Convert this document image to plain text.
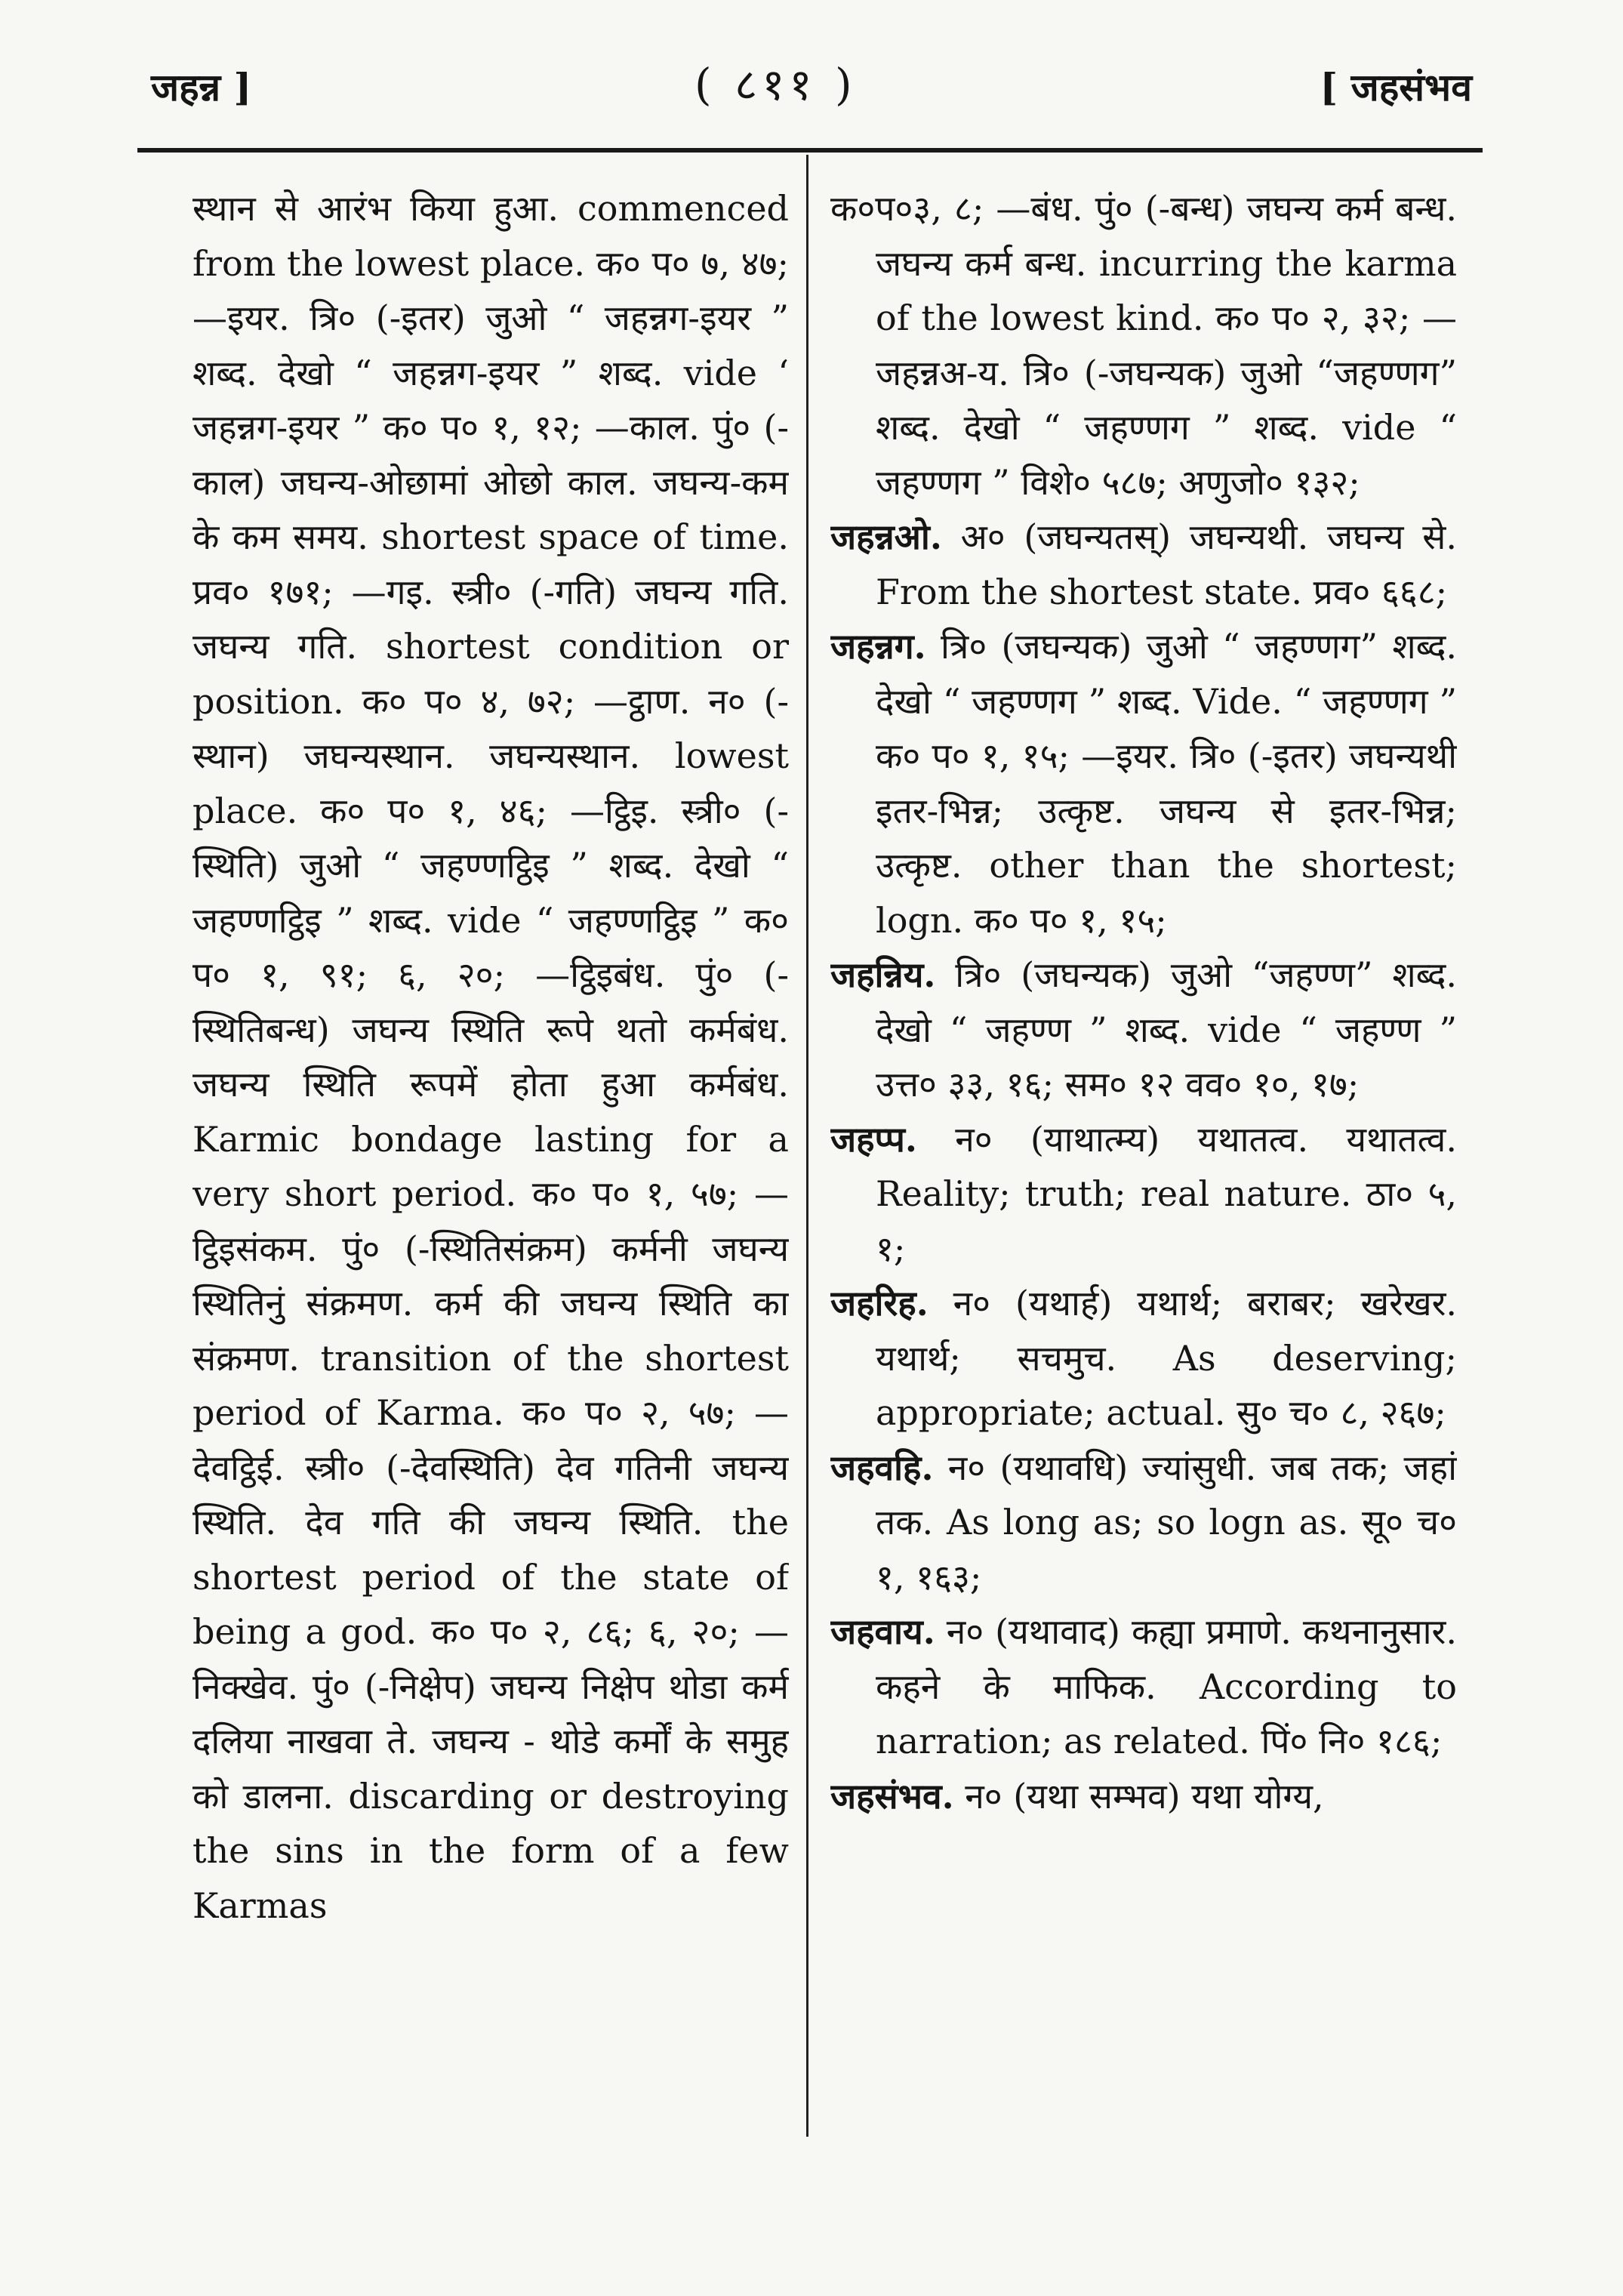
जहन्न ]	( ८११ )	[ जहसंभव

स्थान से आरंभ किया हुआ. commenced from the lowest place. क० प० ७, ४७; —इयर. त्रि० (-इतर) जुओ “ जहन्नग-इयर ” शब्द. देखो “ जहन्नग-इयर ” शब्द. vide ‘ जहन्नग-इयर ” क० प० १, १२; —काल. पुं० (-काल) जघन्य-ओछामां ओछो काल. जघन्य-कम के कम समय. shortest space of time. प्रव० १७१; —गइ. स्त्री० (-गति) जघन्य गति. जघन्य गति. shortest condition or position. क० प० ४, ७२; —ट्ठाण. न० (-स्थान) जघन्यस्थान. जघन्यस्थान. lowest place. क० प० १, ४६; —ट्ठिइ. स्त्री० (-स्थिति) जुओ “ जहण्णट्ठिइ ” शब्द. देखो “ जहण्णट्ठिइ ” शब्द. vide “ जहण्णट्ठिइ ” क० प० १, ९१; ६, २०; —ट्ठिइबंध. पुं० (-स्थितिबन्ध) जघन्य स्थिति रूपे थतो कर्मबंध. जघन्य स्थिति रूपमें होता हुआ कर्मबंध. Karmic bondage lasting for a very short period. क० प० १, ५७; —ट्ठिइसंकम. पुं० (-स्थितिसंक्रम) कर्मनी जघन्य स्थितिनुं संक्रमण. कर्म की जघन्य स्थिति का संक्रमण. transition of the shortest period of Karma. क० प० २, ५७; —देवट्ठिई. स्त्री० (-देवस्थिति) देव गतिनी जघन्य स्थिति. देव गति की जघन्य स्थिति. the shortest period of the state of being a god. क० प० २, ८६; ६, २०; —निक्खेव. पुं० (-निक्षेप) जघन्य निक्षेप थोडा कर्म दलिया नाखवा ते. जघन्य - थोडे कर्मों के समुह को डालना. discarding or destroying the sins in the form of a few Karmas

क०प०३, ८; —बंध. पुं० (-बन्ध) जघन्य कर्म बन्ध. जघन्य कर्म बन्ध. incurring the karma of the lowest kind. क० प० २, ३२; —जहन्नअ-य. त्रि० (-जघन्यक) जुओ “जहण्णग” शब्द. देखो “ जहण्णग ” शब्द. vide “ जहण्णग ” विशे० ५८७; अणुजो० १३२;

जहन्नओ. अ० (जघन्यतस्) जघन्यथी. जघन्य से. From the shortest state. प्रव० ६६८;

जहन्नग. त्रि० (जघन्यक) जुओ “ जहण्णग” शब्द. देखो “ जहण्णग ” शब्द. Vide. “ जहण्णग ” क० प० १, १५; —इयर. त्रि० (-इतर) जघन्यथी इतर-भिन्न; उत्कृष्ट. जघन्य से इतर-भिन्न; उत्कृष्ट. other than the shortest; logn. क० प० १, १५;

जहन्निय. त्रि० (जघन्यक) जुओ “जहण्ण” शब्द. देखो “ जहण्ण ” शब्द. vide “ जहण्ण ” उत्त० ३३, १६; सम० १२ वव० १०, १७;

जहप्प. न० (याथात्म्य) यथातत्व. यथातत्व. Reality; truth; real nature. ठा० ५, १;

जहरिह. न० (यथार्ह) यथार्थ; बराबर; खरेखर. यथार्थ; सचमुच. As deserving; appropriate; actual. सु० च० ८, २६७;

जहवहि. न० (यथावधि) ज्यांसुधी. जब तक; जहां तक. As long as; so logn as. सू० च० १, १६३;

जहवाय. न० (यथावाद) कह्या प्रमाणे. कथनानुसार. कहने के माफिक. According to narration; as related. पिं० नि० १८६;

जहसंभव. न० (यथा सम्भव) यथा योग्य,
